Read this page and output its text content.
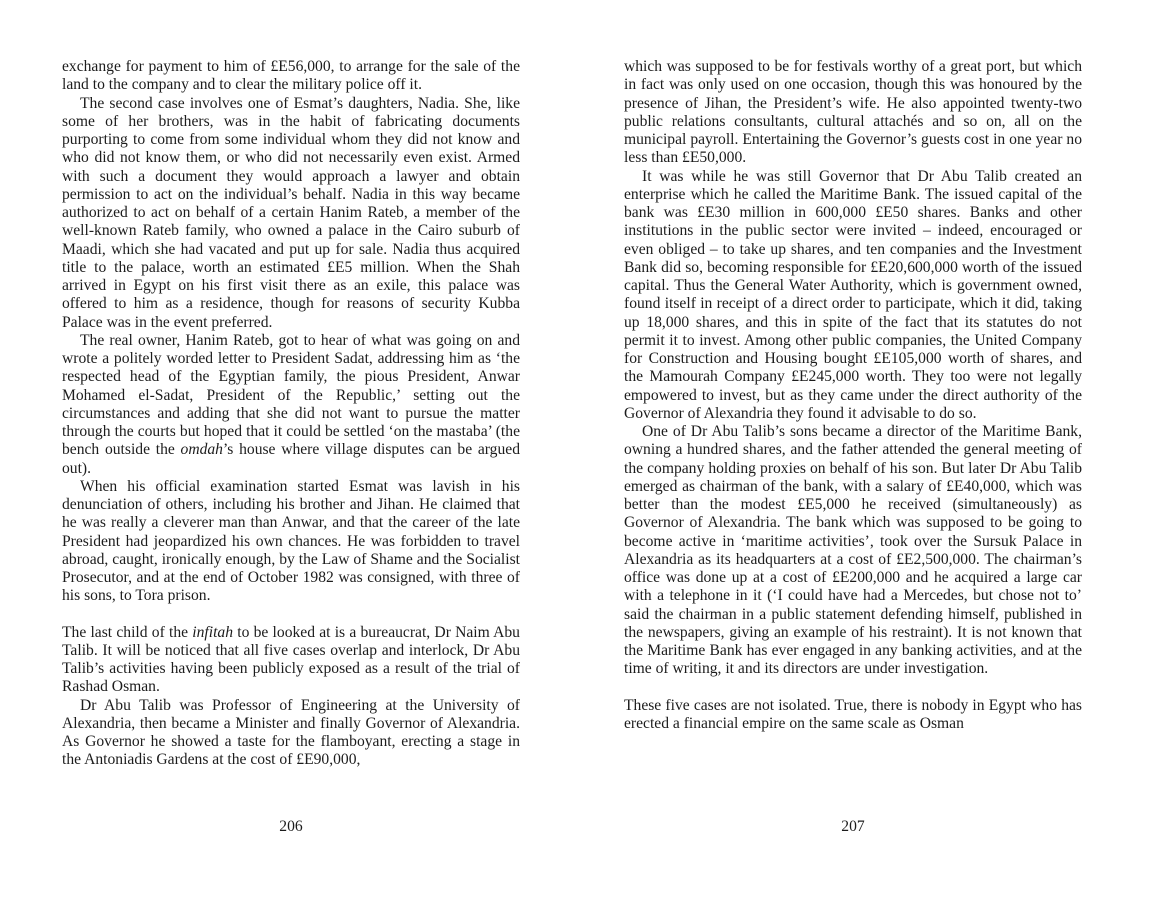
exchange for payment to him of £E56,000, to arrange for the sale of the land to the company and to clear the military police off it.

The second case involves one of Esmat’s daughters, Nadia. She, like some of her brothers, was in the habit of fabricating documents purporting to come from some individual whom they did not know and who did not know them, or who did not necessarily even exist. Armed with such a document they would approach a lawyer and obtain permission to act on the individual’s behalf. Nadia in this way became authorized to act on behalf of a certain Hanim Rateb, a member of the well-known Rateb family, who owned a palace in the Cairo suburb of Maadi, which she had vacated and put up for sale. Nadia thus acquired title to the palace, worth an estimated £E5 million. When the Shah arrived in Egypt on his first visit there as an exile, this palace was offered to him as a residence, though for reasons of security Kubba Palace was in the event preferred.

The real owner, Hanim Rateb, got to hear of what was going on and wrote a politely worded letter to President Sadat, addressing him as ‘the respected head of the Egyptian family, the pious President, Anwar Mohamed el-Sadat, President of the Republic,’ setting out the circumstances and adding that she did not want to pursue the matter through the courts but hoped that it could be settled ‘on the mastaba’ (the bench outside the omdah’s house where village disputes can be argued out).

When his official examination started Esmat was lavish in his denunciation of others, including his brother and Jihan. He claimed that he was really a cleverer man than Anwar, and that the career of the late President had jeopardized his own chances. He was forbidden to travel abroad, caught, ironically enough, by the Law of Shame and the Socialist Prosecutor, and at the end of October 1982 was consigned, with three of his sons, to Tora prison.

The last child of the infitah to be looked at is a bureaucrat, Dr Naim Abu Talib. It will be noticed that all five cases overlap and interlock, Dr Abu Talib’s activities having been publicly exposed as a result of the trial of Rashad Osman.

Dr Abu Talib was Professor of Engineering at the University of Alexandria, then became a Minister and finally Governor of Alexandria. As Governor he showed a taste for the flamboyant, erecting a stage in the Antoniadis Gardens at the cost of £E90,000,

206

which was supposed to be for festivals worthy of a great port, but which in fact was only used on one occasion, though this was honoured by the presence of Jihan, the President’s wife. He also appointed twenty-two public relations consultants, cultural attachés and so on, all on the municipal payroll. Entertaining the Governor’s guests cost in one year no less than £E50,000.

It was while he was still Governor that Dr Abu Talib created an enterprise which he called the Maritime Bank. The issued capital of the bank was £E30 million in 600,000 £E50 shares. Banks and other institutions in the public sector were invited – indeed, encouraged or even obliged – to take up shares, and ten companies and the Investment Bank did so, becoming responsible for £E20,600,000 worth of the issued capital. Thus the General Water Authority, which is government owned, found itself in receipt of a direct order to participate, which it did, taking up 18,000 shares, and this in spite of the fact that its statutes do not permit it to invest. Among other public companies, the United Company for Construction and Housing bought £E105,000 worth of shares, and the Mamourah Company £E245,000 worth. They too were not legally empowered to invest, but as they came under the direct authority of the Governor of Alexandria they found it advisable to do so.

One of Dr Abu Talib’s sons became a director of the Maritime Bank, owning a hundred shares, and the father attended the general meeting of the company holding proxies on behalf of his son. But later Dr Abu Talib emerged as chairman of the bank, with a salary of £E40,000, which was better than the modest £E5,000 he received (simultaneously) as Governor of Alexandria. The bank which was supposed to be going to become active in ‘maritime activities’, took over the Sursuk Palace in Alexandria as its headquarters at a cost of £E2,500,000. The chairman’s office was done up at a cost of £E200,000 and he acquired a large car with a telephone in it (‘I could have had a Mercedes, but chose not to’ said the chairman in a public statement defending himself, published in the newspapers, giving an example of his restraint). It is not known that the Maritime Bank has ever engaged in any banking activities, and at the time of writing, it and its directors are under investigation.

These five cases are not isolated. True, there is nobody in Egypt who has erected a financial empire on the same scale as Osman

207
